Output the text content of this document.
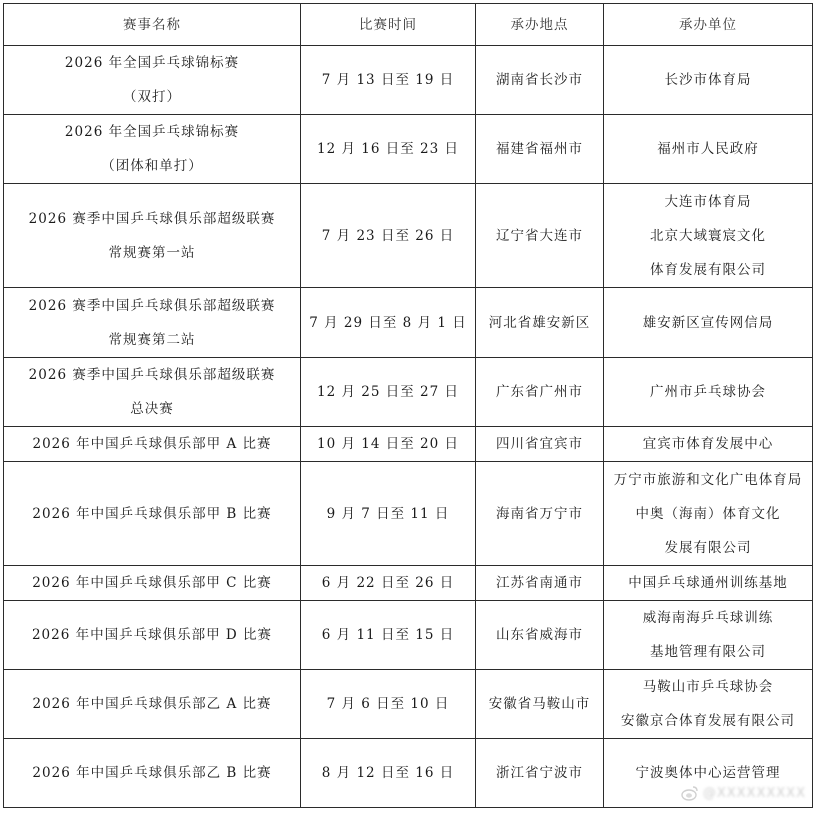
赛事名称	比赛时间	承办地点	承办单位

2026 年全国乒乓球锦标赛
（双打）	7 月 13 日至 19 日	湖南省长沙市	长沙市体育局

2026 年全国乒乓球锦标赛
（团体和单打）	12 月 16 日至 23 日	福建省福州市	福州市人民政府

2026 赛季中国乒乓球俱乐部超级联赛
常规赛第一站	7 月 23 日至 26 日	辽宁省大连市	大连市体育局
北京大域寰宸文化
体育发展有限公司

2026 赛季中国乒乓球俱乐部超级联赛
常规赛第二站	7 月 29 日至 8 月 1 日	河北省雄安新区	雄安新区宣传网信局

2026 赛季中国乒乓球俱乐部超级联赛
总决赛	12 月 25 日至 27 日	广东省广州市	广州市乒乓球协会

2026 年中国乒乓球俱乐部甲 A 比赛	10 月 14 日至 20 日	四川省宜宾市	宜宾市体育发展中心

2026 年中国乒乓球俱乐部甲 B 比赛	9 月 7 日至 11 日	海南省万宁市	万宁市旅游和文化广电体育局
中奥（海南）体育文化
发展有限公司

2026 年中国乒乓球俱乐部甲 C 比赛	6 月 22 日至 26 日	江苏省南通市	中国乒乓球通州训练基地

2026 年中国乒乓球俱乐部甲 D 比赛	6 月 11 日至 15 日	山东省威海市	威海南海乒乓球训练
基地管理有限公司

2026 年中国乒乓球俱乐部乙 A 比赛	7 月 6 日至 10 日	安徽省马鞍山市	马鞍山市乒乓球协会
安徽京合体育发展有限公司

2026 年中国乒乓球俱乐部乙 B 比赛	8 月 12 日至 16 日	浙江省宁波市	宁波奥体中心运营管理
@XXXXXXXXX
